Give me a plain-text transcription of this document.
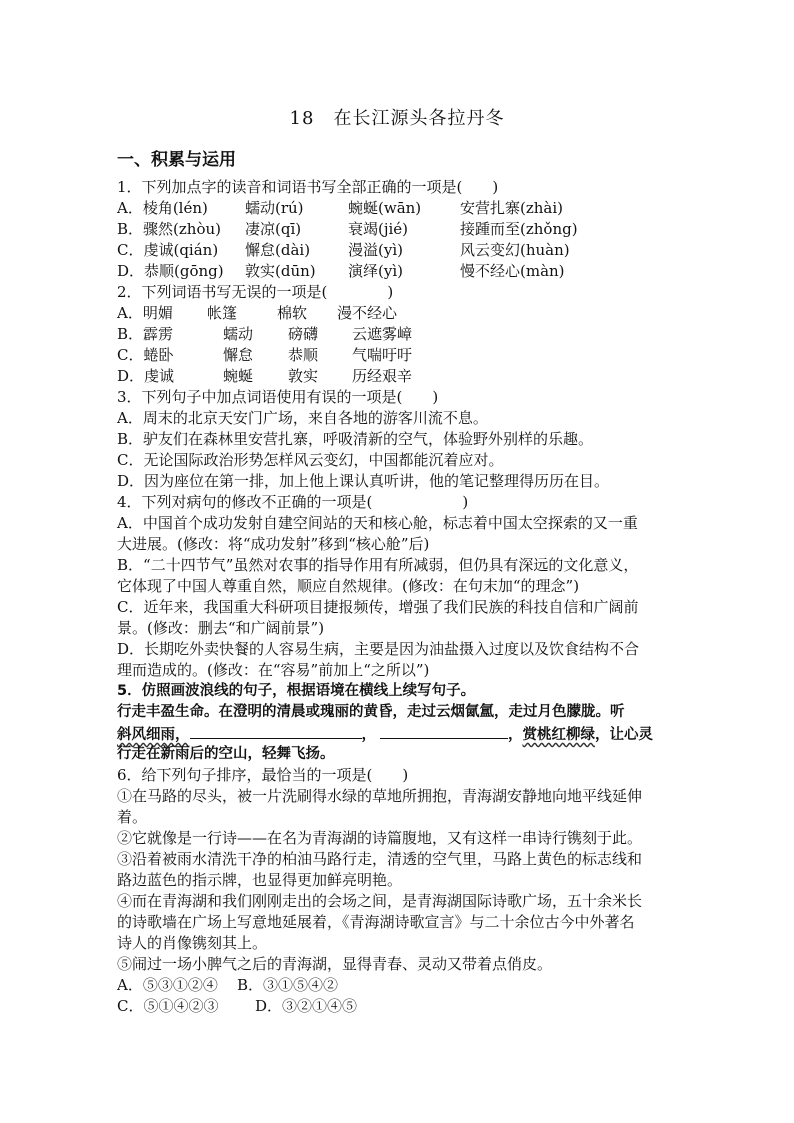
18　在长江源头各拉丹冬
一、积累与运用
1．下列加点字的读音和词语书写全部正确的一项是(　　)
A．棱角(lén) 蠕动(rú)	蜿蜒(wān)	安营扎寨(zhài)
B．骤然(zhòu) 凄凉(qī)	衰竭(jié)	接踵而至(zhǒng)
C．虔诚(qián) 懈怠(dài)	漫溢(yì)	风云变幻(huàn)
D．恭顺(gōng) 敦实(dūn) 演绎(yì)	慢不经心(màn)
2．下列词语书写无误的一项是(　　　　)
A．明媚 帐篷	棉软 漫不经心
B．霹雳	蠕动 磅礴 云遮雾嶂
C．蜷卧	懈怠 恭顺 气喘吁吁
D．虔诚	蜿蜒 敦实 历经艰辛
3．下列句子中加点词语使用有误的一项是(　　)
A．周末的北京天安门广场，来自各地的游客川流不息。
B．驴友们在森林里安营扎寨，呼吸清新的空气，体验野外别样的乐趣。
C．无论国际政治形势怎样风云变幻，中国都能沉着应对。
D．因为座位在第一排，加上他上课认真听讲，他的笔记整理得历历在目。
4．下列对病句的修改不正确的一项是(　　　　　　)
A．中国首个成功发射自建空间站的天和核心舱，标志着中国太空探索的又一重
大进展。(修改：将“成功发射”移到“核心舱”后)
B．“二十四节气”虽然对农事的指导作用有所减弱，但仍具有深远的文化意义，
它体现了中国人尊重自然，顺应自然规律。(修改：在句末加“的理念”)
C．近年来，我国重大科研项目捷报频传，增强了我们民族的科技自信和广阔前
景。(修改：删去“和广阔前景”)
D．长期吃外卖快餐的人容易生病，主要是因为油盐摄入过度以及饮食结构不合
理而造成的。(修改：在“容易”前加上“之所以”)
5．仿照画波浪线的句子，根据语境在横线上续写句子。
行走丰盈生命。在澄明的清晨或瑰丽的黄昏，走过云烟氤氲，走过月色朦胧。听
斜风细雨，	，	，赏桃红柳绿，让心灵
行走在新雨后的空山，轻舞飞扬。
6．给下列句子排序，最恰当的一项是(　　)
①在马路的尽头，被一片洗刷得水绿的草地所拥抱，青海湖安静地向地平线延伸
着。
②它就像是一行诗——在名为青海湖的诗篇腹地，又有这样一串诗行镌刻于此。
③沿着被雨水清洗干净的柏油马路行走，清透的空气里，马路上黄色的标志线和
路边蓝色的指示牌，也显得更加鲜亮明艳。
④而在青海湖和我们刚刚走出的会场之间，是青海湖国际诗歌广场，五十余米长
的诗歌墙在广场上写意地延展着，《青海湖诗歌宣言》与二十余位古今中外著名
诗人的肖像镌刻其上。
⑤闹过一场小脾气之后的青海湖，显得青春、灵动又带着点俏皮。
A．⑤③①②④ B．③①⑤④②
C．⑤①④②③ D．③②①④⑤
